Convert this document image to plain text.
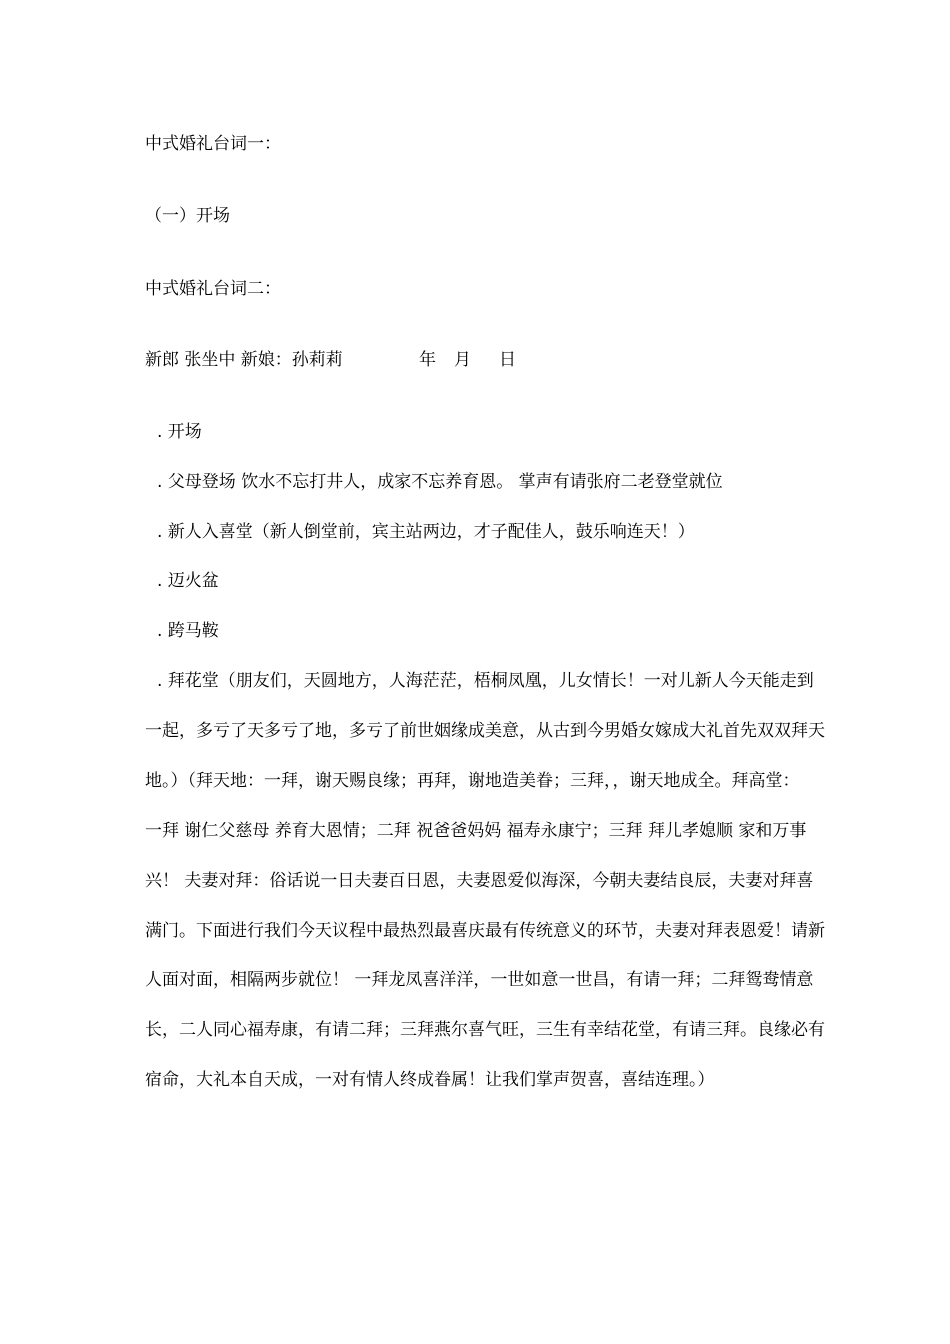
中式婚礼台词一：
（一）开场
中式婚礼台词二：
新郎 张坐中 新娘：孙莉莉	年 月 日
. 开场
. 父母登场 饮水不忘打井人，成家不忘养育恩。 掌声有请张府二老登堂就位
. 新人入喜堂（新人倒堂前，宾主站两边，才子配佳人，鼓乐响连天！）
. 迈火盆
. 跨马鞍
. 拜花堂（朋友们，天圆地方，人海茫茫，梧桐凤凰，儿女情长！一对儿新人今天能走到
一起，多亏了天多亏了地，多亏了前世姻缘成美意，从古到今男婚女嫁成大礼首先双双拜天
地。）（拜天地：一拜，谢天赐良缘；再拜，谢地造美眷；三拜，，谢天地成全。拜高堂：
一拜 谢仁父慈母 养育大恩情；二拜 祝爸爸妈妈 福寿永康宁；三拜 拜儿孝媳顺 家和万事
兴！ 夫妻对拜：俗话说一日夫妻百日恩，夫妻恩爱似海深，今朝夫妻结良辰，夫妻对拜喜
满门。下面进行我们今天议程中最热烈最喜庆最有传统意义的环节，夫妻对拜表恩爱！请新
人面对面，相隔两步就位！ 一拜龙凤喜洋洋，一世如意一世昌，有请一拜；二拜鸳鸯情意
长，二人同心福寿康，有请二拜；三拜燕尔喜气旺，三生有幸结花堂，有请三拜。良缘必有
宿命，大礼本自天成，一对有情人终成眷属！让我们掌声贺喜，喜结连理。）
